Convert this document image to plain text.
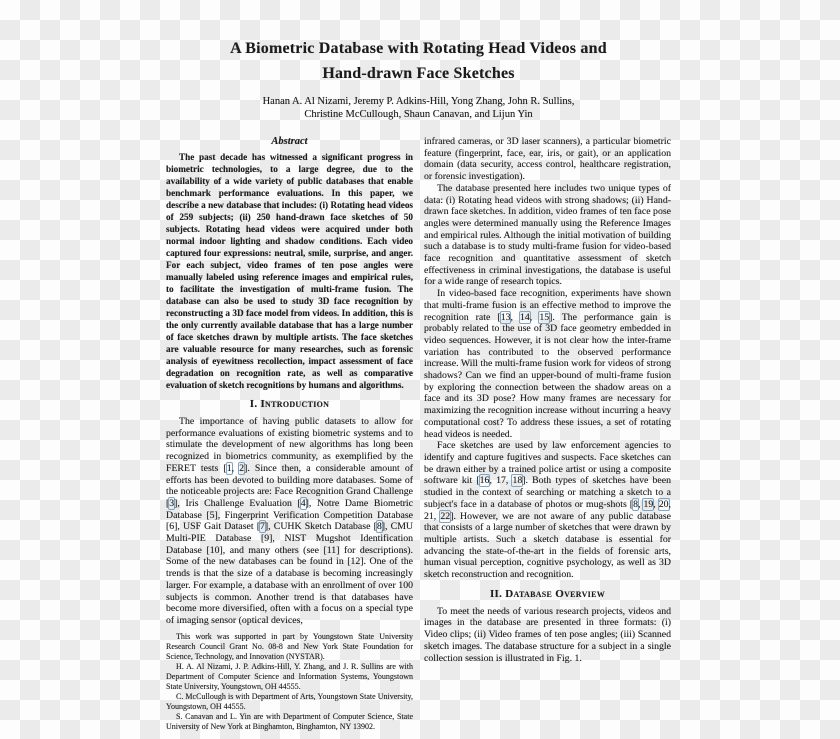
A Biometric Database with Rotating Head Videos and
Hand-drawn Face Sketches
Hanan A. Al Nizami, Jeremy P. Adkins-Hill, Yong Zhang, John R. Sullins,
Christine McCullough, Shaun Canavan, and Lijun Yin
Abstract

The past decade has witnessed a significant progress in biometric technologies, to a large degree, due to the availability of a wide variety of public databases that enable benchmark performance evaluations. In this paper, we describe a new database that includes: (i) Rotating head videos of 259 subjects; (ii) 250 hand-drawn face sketches of 50 subjects. Rotating head videos were acquired under both normal indoor lighting and shadow conditions. Each video captured four expressions: neutral, smile, surprise, and anger. For each subject, video frames of ten pose angles were manually labeled using reference images and empirical rules, to facilitate the investigation of multi-frame fusion. The database can also be used to study 3D face recognition by reconstructing a 3D face model from videos. In addition, this is the only currently available database that has a large number of face sketches drawn by multiple artists. The face sketches are valuable resource for many researches, such as forensic analysis of eyewitness recollection, impact assessment of face degradation on recognition rate, as well as comparative evaluation of sketch recognitions by humans and algorithms.

I. Introduction

The importance of having public datasets to allow for performance evaluations of existing biometric systems and to stimulate the development of new algorithms has long been recognized in biometrics community, as exemplified by the FERET tests [1, 2]. Since then, a considerable amount of efforts has been devoted to building more databases. Some of the noticeable projects are: Face Recognition Grand Challenge [3], Iris Challenge Evaluation [4], Notre Dame Biometric Database [5], Fingerprint Verification Competition Database [6], USF Gait Dataset [7], CUHK Sketch Database [8], CMU Multi-PIE Database [9], NIST Mugshot Identification Database [10], and many others (see [11] for descriptions). Some of the new databases can be found in [12]. One of the trends is that the size of a database is becoming increasingly larger. For example, a database with an enrollment of over 100 subjects is common. Another trend is that databases have become more diversified, often with a focus on a special type of imaging sensor (optical devices,

This work was supported in part by Youngstown State University Research Council Grant No. 08-8 and New York State Foundation for Science, Technology, and Innovation (NYSTAR).

H. A. Al Nizami, J. P. Adkins-Hill, Y. Zhang, and J. R. Sullins are with Department of Computer Science and Information Systems, Youngstown State University, Youngstown, OH 44555.

C. McCullough is with Department of Arts, Youngstown State University, Youngstown, OH 44555.

S. Canavan and L. Yin are with Department of Computer Science, State University of New York at Binghamton, Binghamton, NY 13902.

infrared cameras, or 3D laser scanners), a particular biometric feature (fingerprint, face, ear, iris, or gait), or an application domain (data security, access control, healthcare registration, or forensic investigation).

The database presented here includes two unique types of data: (i) Rotating head videos with strong shadows; (ii) Hand-drawn face sketches. In addition, video frames of ten face pose angles were determined manually using the Reference Images and empirical rules. Although the initial motivation of building such a database is to study multi-frame fusion for video-based face recognition and quantitative assessment of sketch effectiveness in criminal investigations, the database is useful for a wide range of research topics.

In video-based face recognition, experiments have shown that multi-frame fusion is an effective method to improve the recognition rate [13, 14, 15]. The performance gain is probably related to the use of 3D face geometry embedded in video sequences. However, it is not clear how the inter-frame variation has contributed to the observed performance increase. Will the multi-frame fusion work for videos of strong shadows? Can we find an upper-bound of multi-frame fusion by exploring the connection between the shadow areas on a face and its 3D pose? How many frames are necessary for maximizing the recognition increase without incurring a heavy computational cost? To address these issues, a set of rotating head videos is needed.

Face sketches are used by law enforcement agencies to identify and capture fugitives and suspects. Face sketches can be drawn either by a trained police artist or using a composite software kit [16, 17, 18]. Both types of sketches have been studied in the context of searching or matching a sketch to a subject's face in a database of photos or mug-shots [8, 19, 20, 21, 22]. However, we are not aware of any public database that consists of a large number of sketches that were drawn by multiple artists. Such a sketch database is essential for advancing the state-of-the-art in the fields of forensic arts, human visual perception, cognitive psychology, as well as 3D sketch reconstruction and recognition.

II. Database Overview

To meet the needs of various research projects, videos and images in the database are presented in three formats: (i) Video clips; (ii) Video frames of ten pose angles; (iii) Scanned sketch images. The database structure for a subject in a single collection session is illustrated in Fig. 1.
